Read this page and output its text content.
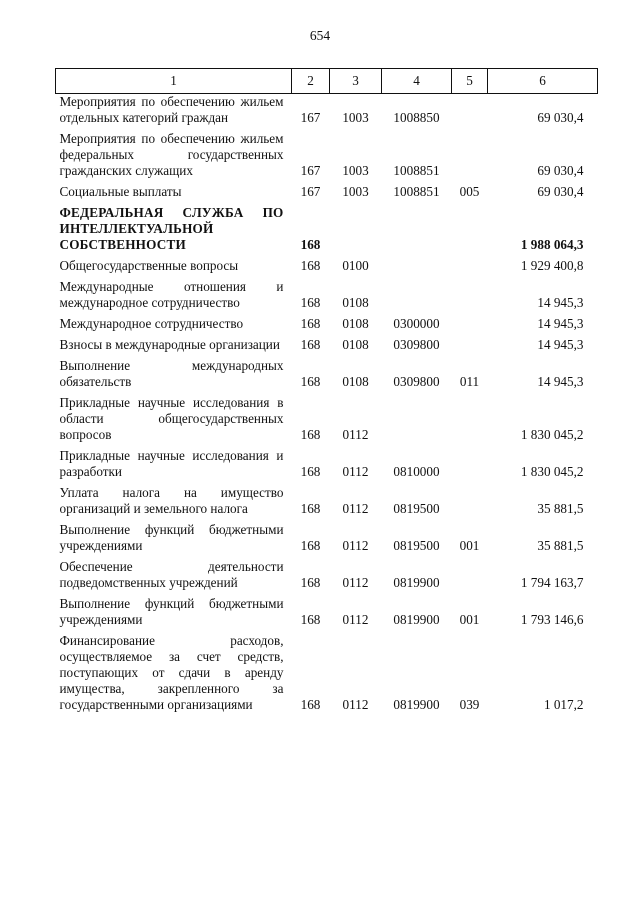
654
1	2	3	4	5	6
Мероприятия по обеспечению жильем отдельных категорий граждан	167	1003	1008850		69 030,4
Мероприятия по обеспечению жильем федеральных государственных гражданских служащих	167	1003	1008851		69 030,4
Социальные выплаты	167	1003	1008851	005	69 030,4
ФЕДЕРАЛЬНАЯ СЛУЖБА ПО ИНТЕЛЛЕКТУАЛЬНОЙ СОБСТВЕННОСТИ	168				1 988 064,3
Общегосударственные вопросы	168	0100			1 929 400,8
Международные отношения и международное сотрудничество	168	0108			14 945,3
Международное сотрудничество	168	0108	0300000		14 945,3
Взносы в международные организации	168	0108	0309800		14 945,3
Выполнение международных обязательств	168	0108	0309800	011	14 945,3
Прикладные научные исследования в области общегосударственных вопросов	168	0112			1 830 045,2
Прикладные научные исследования и разработки	168	0112	0810000		1 830 045,2
Уплата налога на имущество организаций и земельного налога	168	0112	0819500		35 881,5
Выполнение функций бюджетными учреждениями	168	0112	0819500	001	35 881,5
Обеспечение деятельности подведомственных учреждений	168	0112	0819900		1 794 163,7
Выполнение функций бюджетными учреждениями	168	0112	0819900	001	1 793 146,6
Финансирование расходов, осуществляемое за счет средств, поступающих от сдачи в аренду имущества, закрепленного за государственными организациями	168	0112	0819900	039	1 017,2
